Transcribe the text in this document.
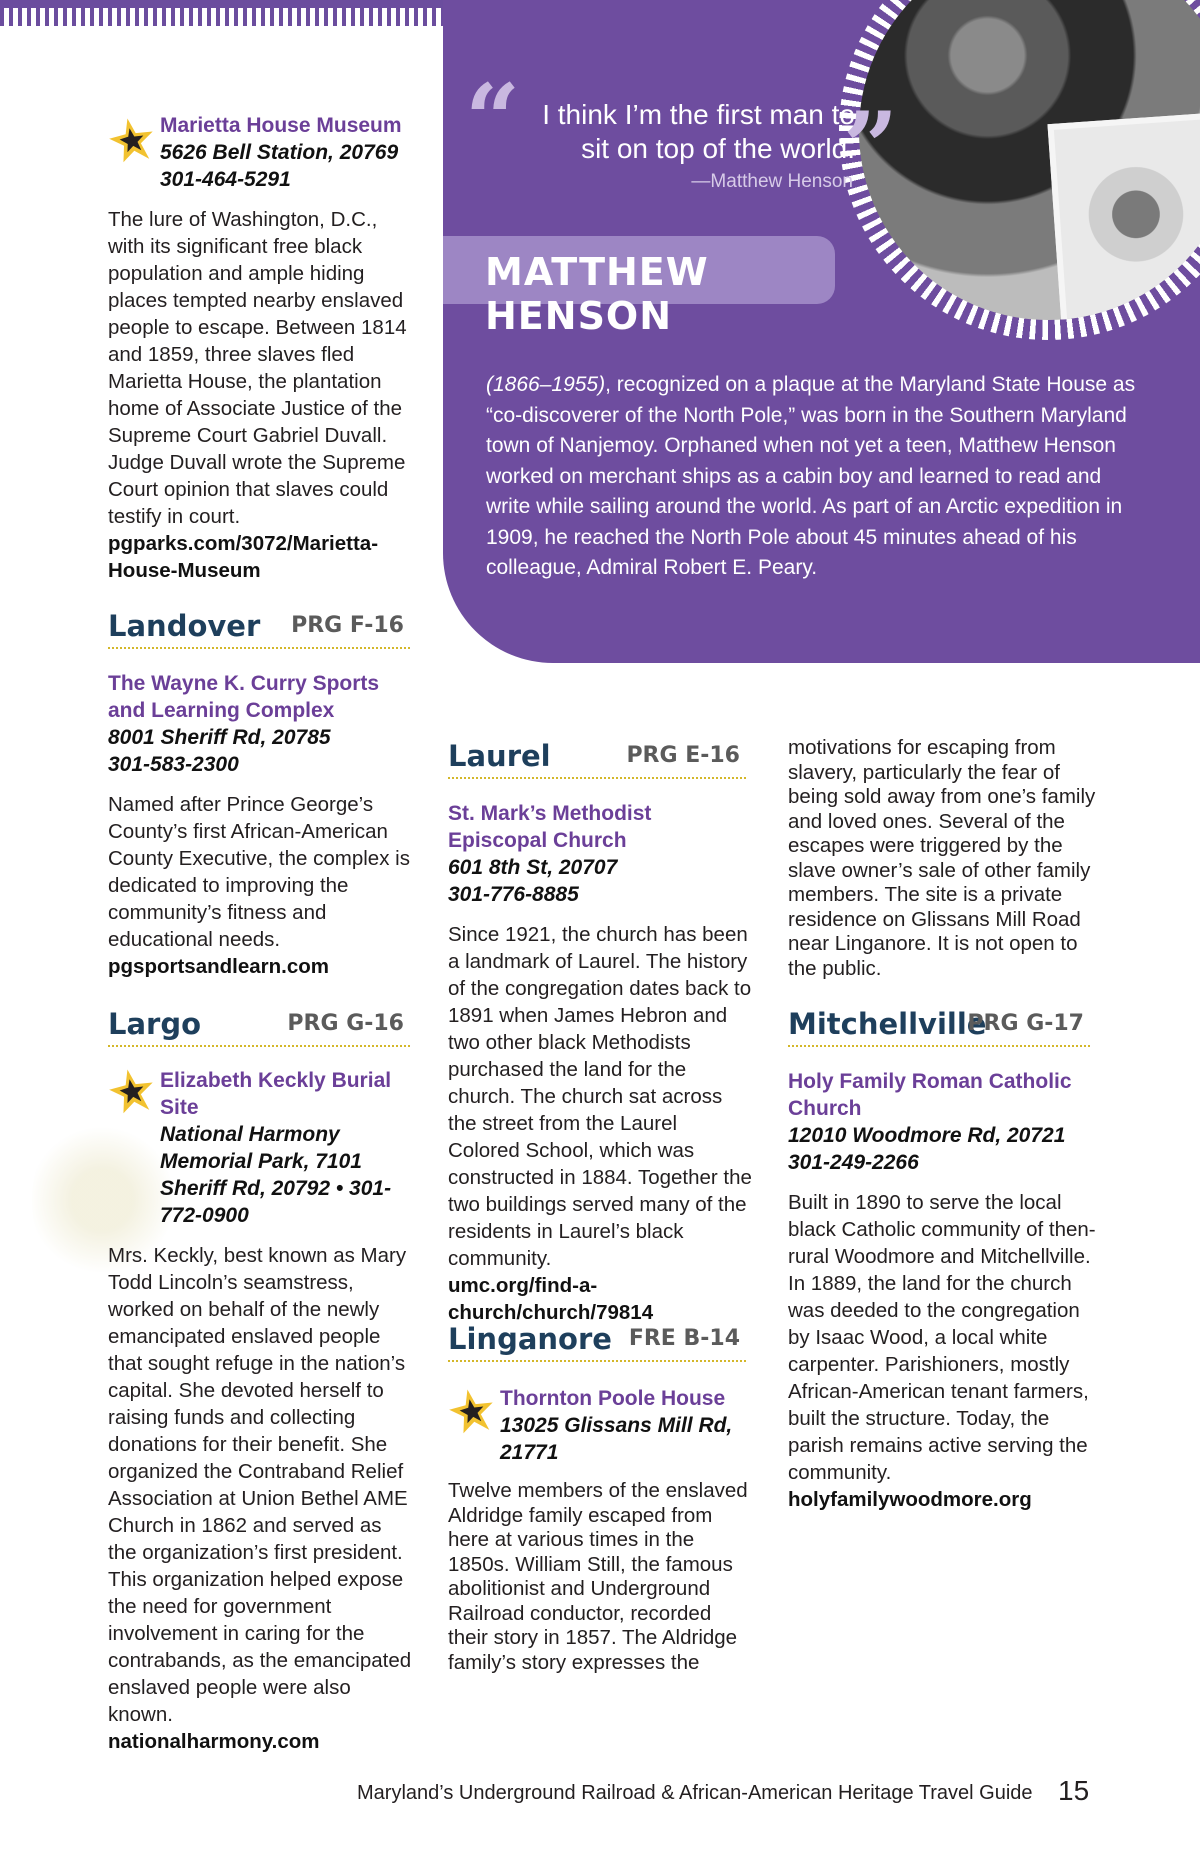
“ I think I’m the first man to sit on top of the world.
”
—Matthew Henson
MATTHEW HENSON
(1866–1955), recognized on a plaque at the Maryland State House as “co-discoverer of the North Pole,” was born in the Southern Maryland town of Nanjemoy. Orphaned when not yet a teen, Matthew Henson worked on merchant ships as a cabin boy and learned to read and write while sailing around the world. As part of an Arctic expedition in 1909, he reached the North Pole about 45 minutes ahead of his colleague, Admiral Robert E. Peary.
Marietta House Museum
5626 Bell Station, 20769
301-464-5291
The lure of Washington, D.C., with its significant free black population and ample hiding places tempted nearby enslaved people to escape. Between 1814 and 1859, three slaves fled Marietta House, the plantation home of Associate Justice of the Supreme Court Gabriel Duvall. Judge Duvall wrote the Supreme Court opinion that slaves could testify in court.
pgparks.com/3072/Marietta-House-Museum
Landover PRG F-16
The Wayne K. Curry Sports and Learning Complex
8001 Sheriff Rd, 20785
301-583-2300
Named after Prince George’s County’s first African-American County Executive, the complex is dedicated to improving the community’s fitness and educational needs.
pgsportsandlearn.com
Largo	PRG G-16
Elizabeth Keckly Burial Site
National Harmony Memorial Park, 7101 Sheriff Rd, 20792 • 301-772-0900
Mrs. Keckly, best known as Mary Todd Lincoln’s seamstress, worked on behalf of the newly emancipated enslaved people that sought refuge in the nation’s capital. She devoted herself to raising funds and collecting donations for their benefit. She organized the Contraband Relief Association at Union Bethel AME Church in 1862 and served as the organization’s first president. This organization helped expose the need for government involvement in caring for the contrabands, as the emancipated enslaved people were also known.
nationalharmony.com
Laurel	PRG E-16
St. Mark’s Methodist Episcopal Church
601 8th St, 20707
301-776-8885
Since 1921, the church has been a landmark of Laurel. The history of the congregation dates back to 1891 when James Hebron and two other black Methodists purchased the land for the church. The church sat across the street from the Laurel Colored School, which was constructed in 1884. Together the two buildings served many of the residents in Laurel’s black community.
umc.org/find-a-church/church/79814
Linganore FRE B-14
Thornton Poole House
13025 Glissans Mill Rd, 21771
Twelve members of the enslaved Aldridge family escaped from here at various times in the 1850s. William Still, the famous abolitionist and Underground Railroad conductor, recorded their story in 1857. The Aldridge family’s story expresses the
motivations for escaping from slavery, particularly the fear of being sold away from one’s family and loved ones. Several of the escapes were triggered by the slave owner’s sale of other family members. The site is a private residence on Glissans Mill Road near Linganore. It is not open to the public.
Mitchellville
PRG G-17
Holy Family Roman Catholic Church
12010 Woodmore Rd, 20721
301-249-2266
Built in 1890 to serve the local black Catholic community of then-rural Woodmore and Mitchellville. In 1889, the land for the church was deeded to the congregation by Isaac Wood, a local white carpenter. Parishioners, mostly African-American tenant farmers, built the structure. Today, the parish remains active serving the community.
holyfamilywoodmore.org
Maryland’s Underground Railroad & African-American Heritage Travel Guide 15
